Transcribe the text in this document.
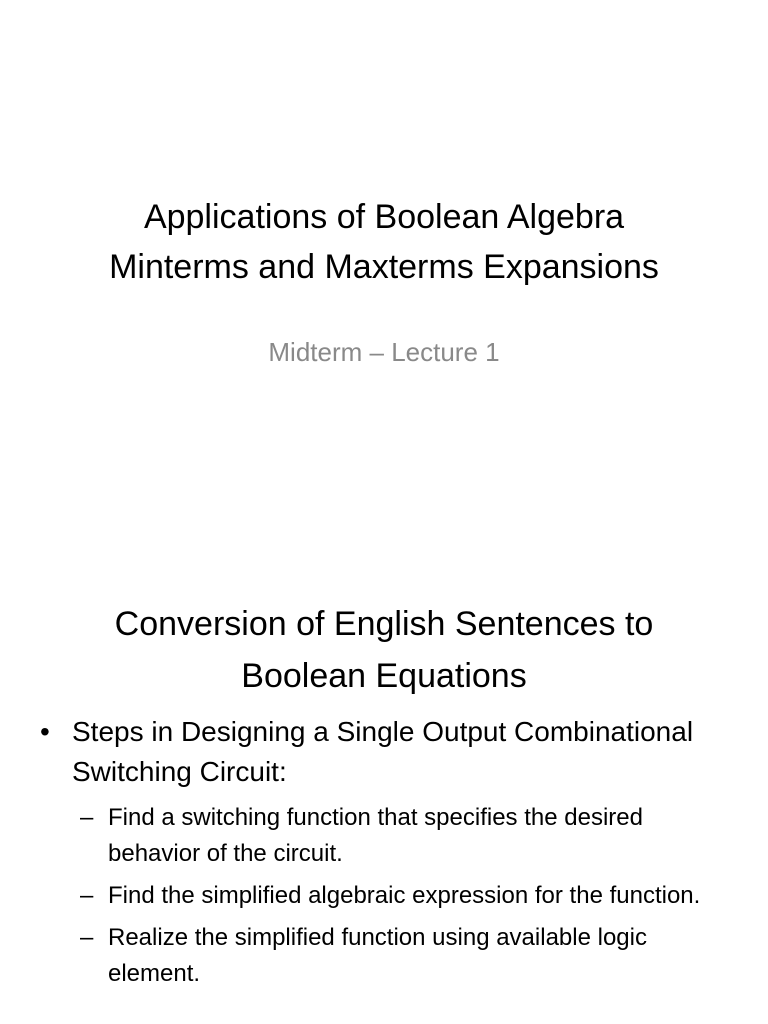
Applications of Boolean Algebra
Minterms and Maxterms Expansions
Midterm – Lecture 1
Conversion of English Sentences to
Boolean Equations
• Steps in Designing a Single Output Combinational Switching Circuit:
– Find a switching function that specifies the desired behavior of the circuit.
– Find the simplified algebraic expression for the function.
– Realize the simplified function using available logic element.
